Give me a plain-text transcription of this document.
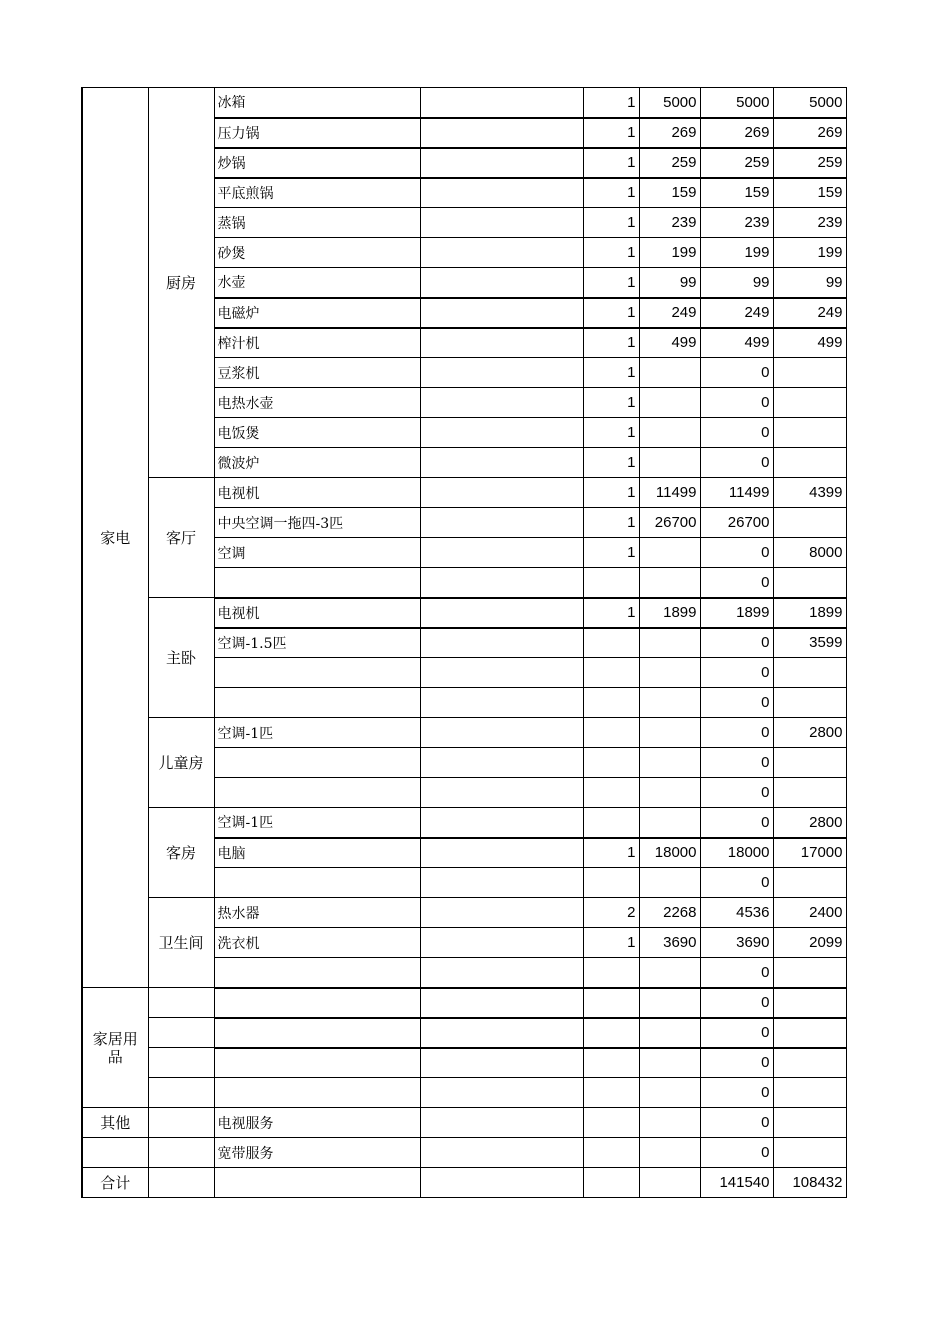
家电	厨房	冰箱		1	5000	5000	5000
		压力锅		1	269	269	269
		炒锅		1	259	259	259
		平底煎锅		1	159	159	159
		蒸锅		1	239	239	239
		砂煲		1	199	199	199
		水壶		1	99	99	99
		电磁炉		1	249	249	249
		榨汁机		1	499	499	499
		豆浆机		1		0	
		电热水壶		1		0	
		电饭煲		1		0	
		微波炉		1		0	
	客厅	电视机		1	11499	11499	4399
		中央空调一拖四-3匹		1	26700	26700	
		空调		1		0	8000
						0	
	主卧	电视机		1	1899	1899	1899
		空调-1.5匹				0	3599
						0	
						0	
	儿童房	空调-1匹				0	2800
						0	
						0	
	客房	空调-1匹				0	2800
		电脑		1	18000	18000	17000
						0	
	卫生间	热水器		2	2268	4536	2400
		洗衣机		1	3690	3690	2099
						0	
家居用品						0	
						0	
						0	
						0	
其他		电视服务				0	
		宽带服务				0	
合计						141540	108432
